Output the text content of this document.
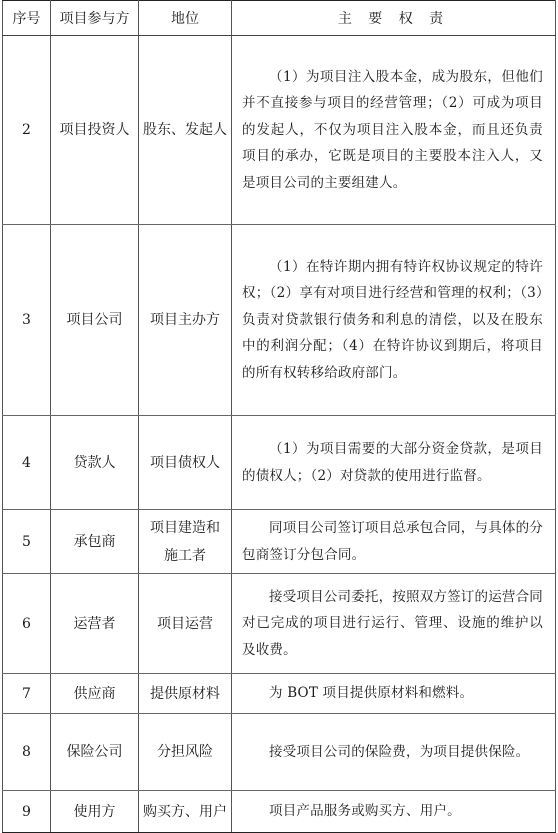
序号	项目参与方	地位	主 要 权 责
2	项目投资人	股东、发起人	（1）为项目注入股本金，成为股东，但他们并不直接参与项目的经营管理；（2）可成为项目的发起人，不仅为项目注入股本金，而且还负责项目的承办，它既是项目的主要股本注入人，又是项目公司的主要组建人。
3	项目公司	项目主办方	（1）在特许期内拥有特许权协议规定的特许权；（2）享有对项目进行经营和管理的权利；（3）负责对贷款银行债务和利息的清偿，以及在股东中的利润分配；（4）在特许协议到期后，将项目的所有权转移给政府部门。
4	贷款人	项目债权人	（1）为项目需要的大部分资金贷款，是项目的债权人；（2）对贷款的使用进行监督。
5	承包商	项目建造和施工者	同项目公司签订项目总承包合同，与具体的分包商签订分包合同。
6	运营者	项目运营	接受项目公司委托，按照双方签订的运营合同对已完成的项目进行运行、管理、设施的维护以及收费。
7	供应商	提供原材料	为 BOT 项目提供原材料和燃料。
8	保险公司	分担风险	接受项目公司的保险费，为项目提供保险。
9	使用方	购买方、用户	项目产品服务或购买方、用户。
